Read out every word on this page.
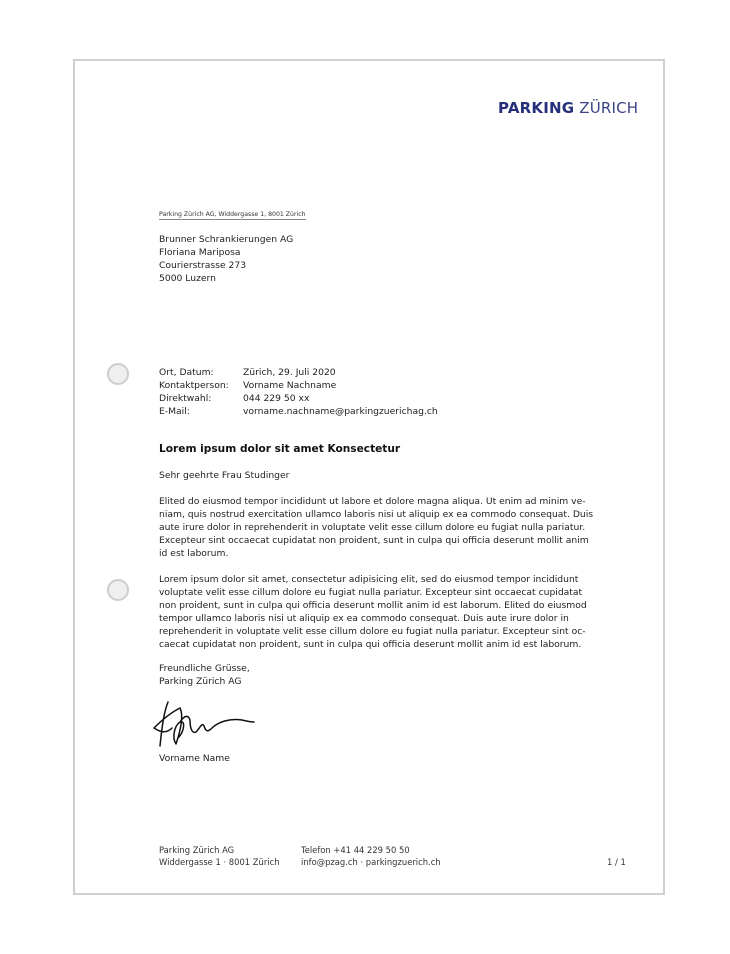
PARKING ZÜRICH
Parking Zürich AG, Widdergasse 1, 8001 Zürich
Brunner Schrankierungen AG
Floriana Mariposa
Courierstrasse 273
5000 Luzern
Ort, Datum:	Zürich, 29. Juli 2020
Kontaktperson:	Vorname Nachname
Direktwahl:	044 229 50 xx
E-Mail:	vorname.nachname@parkingzuerichag.ch
Lorem ipsum dolor sit amet Konsectetur
Sehr geehrte Frau Studinger
Elited do eiusmod tempor incididunt ut labore et dolore magna aliqua. Ut enim ad minim ve-
niam, quis nostrud exercitation ullamco laboris nisi ut aliquip ex ea commodo consequat. Duis
aute irure dolor in reprehenderit in voluptate velit esse cillum dolore eu fugiat nulla pariatur.
Excepteur sint occaecat cupidatat non proident, sunt in culpa qui officia deserunt mollit anim
id est laborum.
Lorem ipsum dolor sit amet, consectetur adipisicing elit, sed do eiusmod tempor incididunt
voluptate velit esse cillum dolore eu fugiat nulla pariatur. Excepteur sint occaecat cupidatat
non proident, sunt in culpa qui officia deserunt mollit anim id est laborum. Elited do eiusmod
tempor ullamco laboris nisi ut aliquip ex ea commodo consequat. Duis aute irure dolor in
reprehenderit in voluptate velit esse cillum dolore eu fugiat nulla pariatur. Excepteur sint oc-
caecat cupidatat non proident, sunt in culpa qui officia deserunt mollit anim id est laborum.
Freundliche Grüsse,
Parking Zürich AG
Vorname Name
Parking Zürich AG
Widdergasse 1 · 8001 Zürich
Telefon +41 44 229 50 50
info@pzag.ch · parkingzuerich.ch	1 / 1
